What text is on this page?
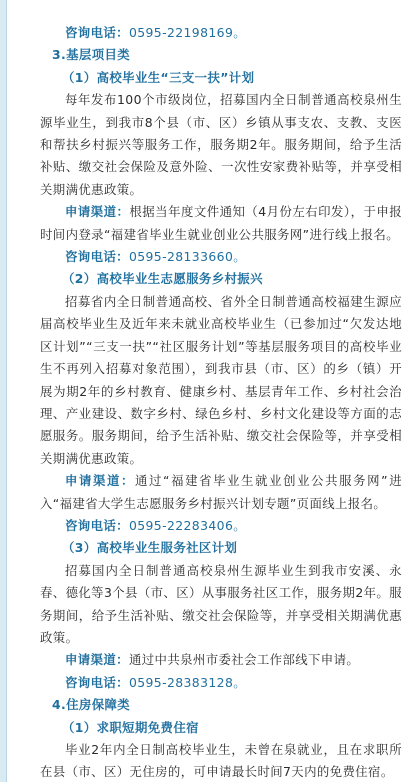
咨询电话：0595-22198169。

3.基层项目类

（1）高校毕业生“三支一扶”计划

每年发布100个市级岗位，招募国内全日制普通高校泉州生源毕业生，到我市8个县（市、区）乡镇从事支农、支教、支医和帮扶乡村振兴等服务工作，服务期2年。服务期间，给予生活补贴、缴交社会保险及意外险、一次性安家费补贴等，并享受相关期满优惠政策。

申请渠道：根据当年度文件通知（4月份左右印发），于申报时间内登录“福建省毕业生就业创业公共服务网”进行线上报名。

咨询电话：0595-28133660。

（2）高校毕业生志愿服务乡村振兴

招募省内全日制普通高校、省外全日制普通高校福建生源应届高校毕业生及近年来未就业高校毕业生（已参加过“欠发达地区计划”“三支一扶”“社区服务计划”等基层服务项目的高校毕业生不再列入招募对象范围），到我市县（市、区）的乡（镇）开展为期2年的乡村教育、健康乡村、基层青年工作、乡村社会治理、产业建设、数字乡村、绿色乡村、乡村文化建设等方面的志愿服务。服务期间，给予生活补贴、缴交社会保险等，并享受相关期满优惠政策。

申请渠道：通过“福建省毕业生就业创业公共服务网”进入“福建省大学生志愿服务乡村振兴计划专题”页面线上报名。

咨询电话：0595-22283406。

（3）高校毕业生服务社区计划

招募国内全日制普通高校泉州生源毕业生到我市安溪、永春、德化等3个县（市、区）从事服务社区工作，服务期2年。服务期间，给予生活补贴、缴交社会保险等，并享受相关期满优惠政策。

申请渠道：通过中共泉州市委社会工作部线下申请。

咨询电话：0595-28383128。

4.住房保障类

（1）求职短期免费住宿

毕业2年内全日制高校毕业生，未曾在泉就业，且在求职所在县（市、区）无住房的，可申请最长时间7天内的免费住宿。
